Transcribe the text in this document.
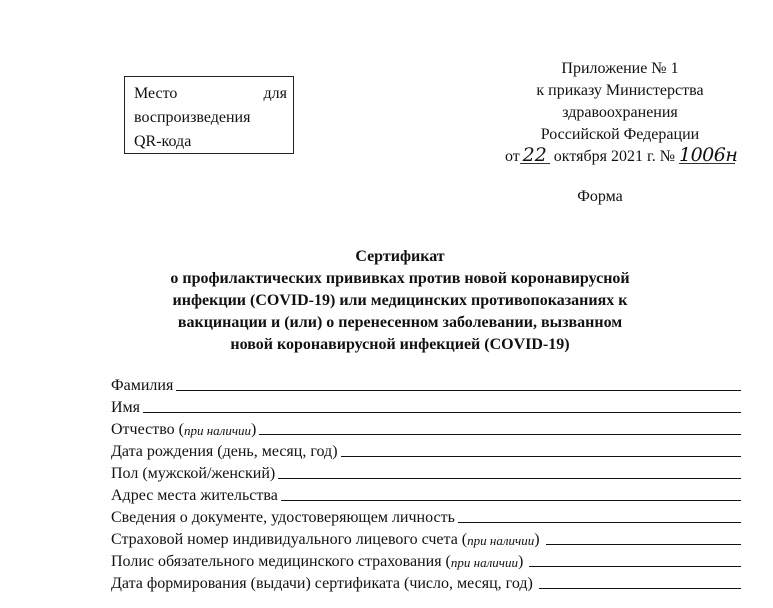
Место	для
воспроизведения
QR-кода
Приложение № 1
к приказу Министерства
здравоохранения
Российской Федерации
от 22 октября 2021 г. № 1006н
Форма
Сертификат
о профилактических прививках против новой коронавирусной
инфекции (COVID-19) или медицинских противопоказаниях к
вакцинации и (или) о перенесенном заболевании, вызванном
новой коронавирусной инфекцией (COVID-19)
Фамилия
Имя
Отчество ( при наличии )
Дата рождения (день, месяц, год)
Пол (мужской/женский)
Адрес места жительства
Сведения о документе, удостоверяющем личность
Страховой номер индивидуального лицевого счета ( при наличии )
Полис обязательного медицинского страхования ( при наличии )
Дата формирования (выдачи) сертификата (число, месяц, год)
